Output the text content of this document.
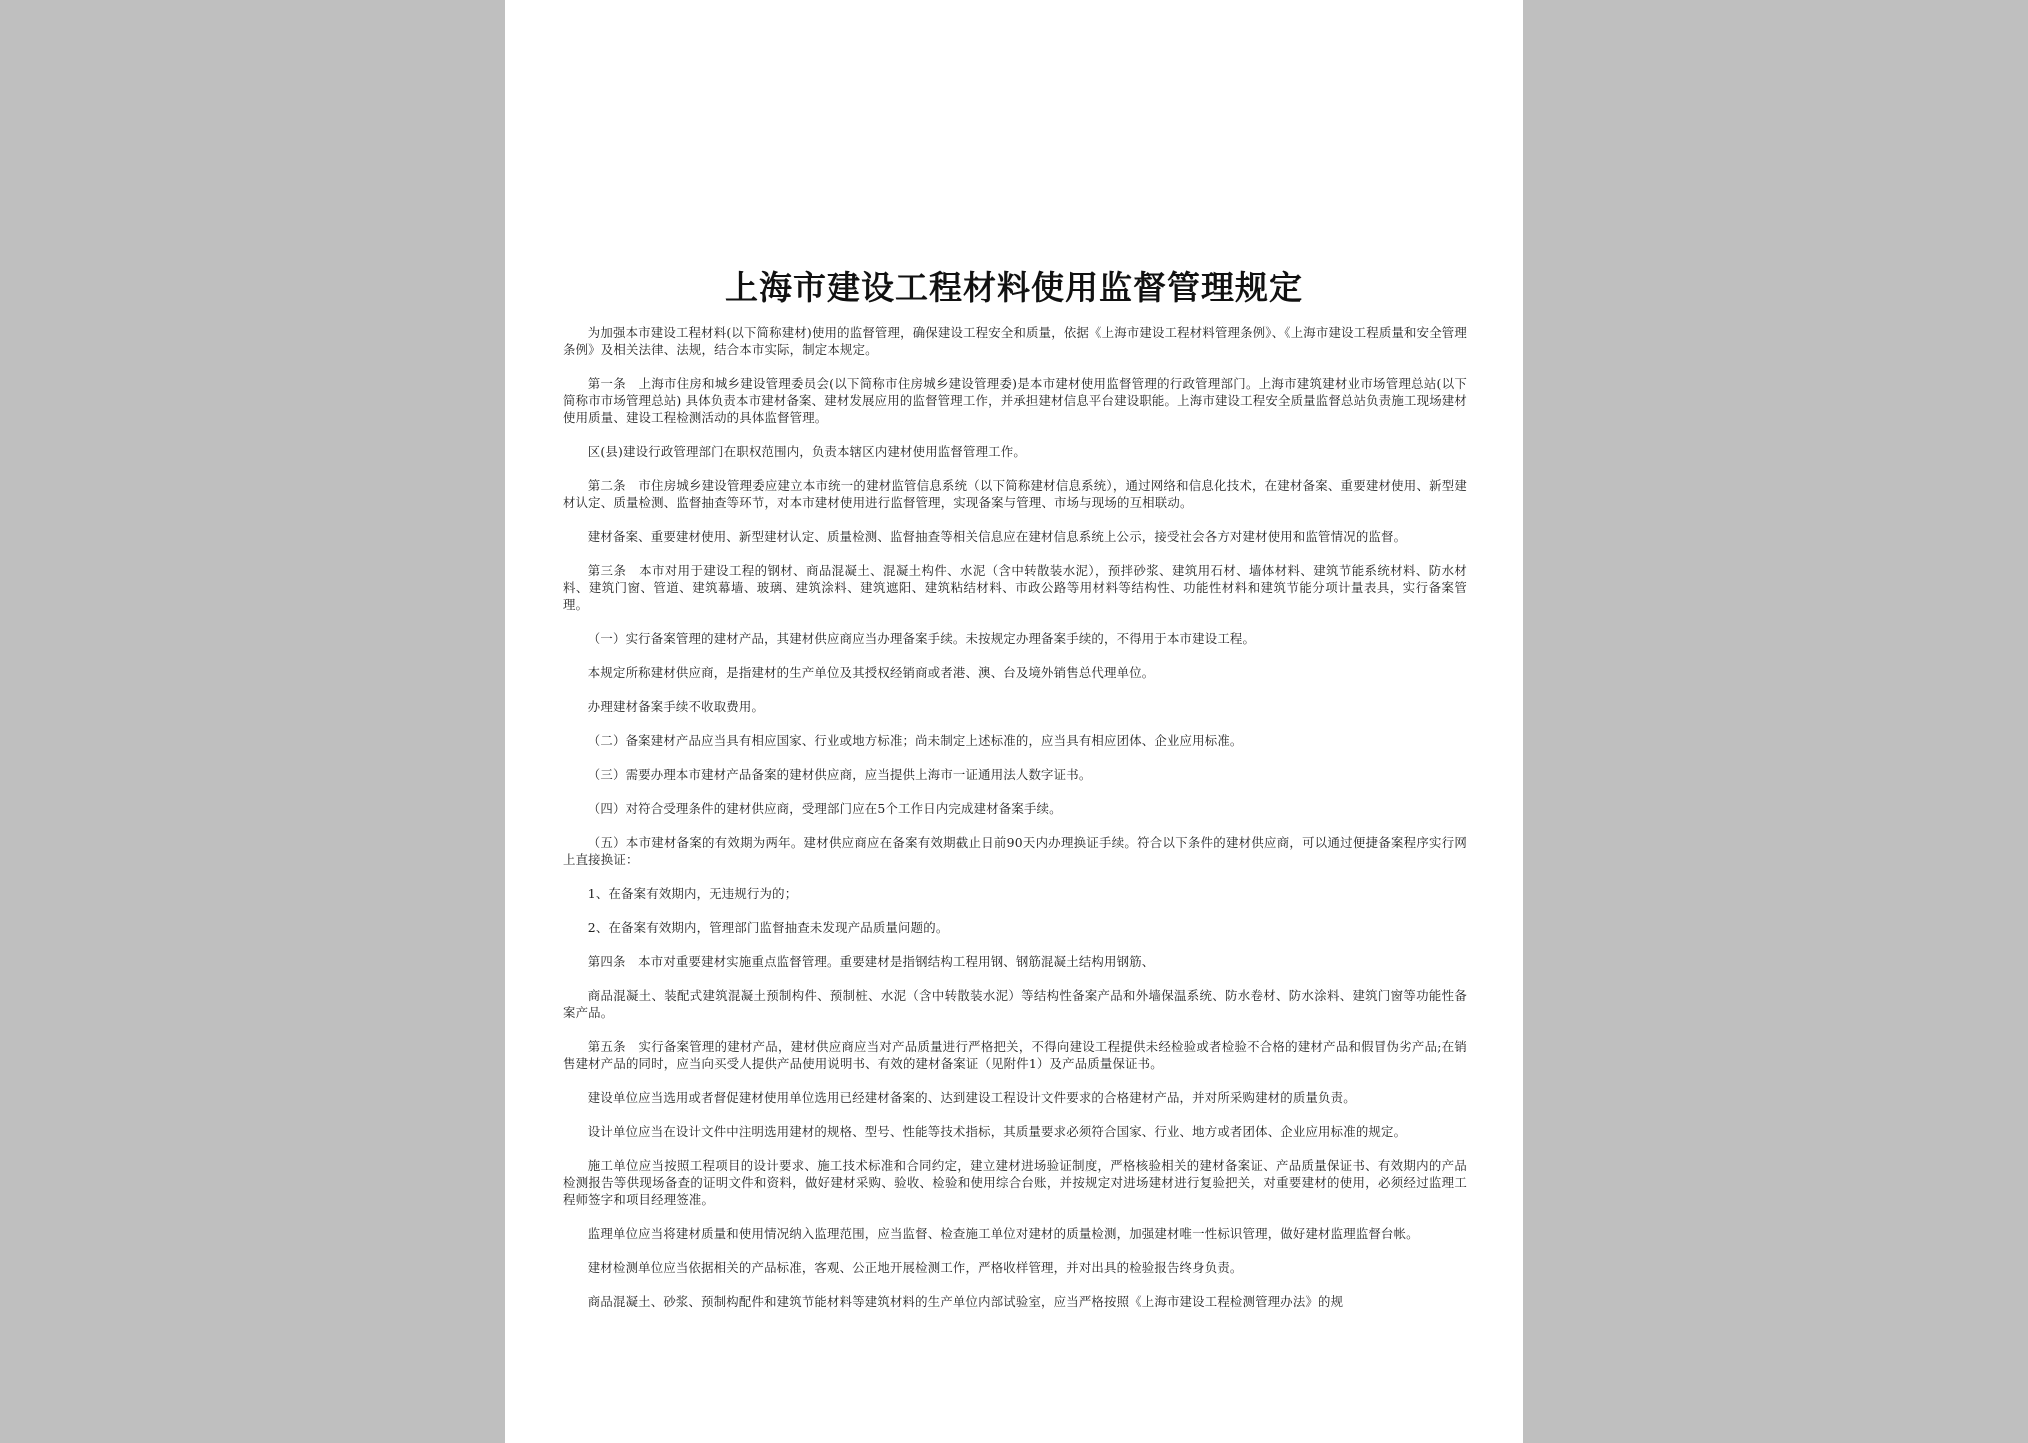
上海市建设工程材料使用监督管理规定

为加强本市建设工程材料(以下简称建材)使用的监督管理，确保建设工程安全和质量，依据《上海市建设工程材料管理条例》、《上海市建设工程质量和安全管理条例》及相关法律、法规，结合本市实际，制定本规定。

第一条　上海市住房和城乡建设管理委员会(以下简称市住房城乡建设管理委)是本市建材使用监督管理的行政管理部门。上海市建筑建材业市场管理总站(以下简称市市场管理总站) 具体负责本市建材备案、建材发展应用的监督管理工作，并承担建材信息平台建设职能。上海市建设工程安全质量监督总站负责施工现场建材使用质量、建设工程检测活动的具体监督管理。

区(县)建设行政管理部门在职权范围内，负责本辖区内建材使用监督管理工作。

第二条　市住房城乡建设管理委应建立本市统一的建材监管信息系统（以下简称建材信息系统），通过网络和信息化技术，在建材备案、重要建材使用、新型建材认定、质量检测、监督抽查等环节，对本市建材使用进行监督管理，实现备案与管理、市场与现场的互相联动。

建材备案、重要建材使用、新型建材认定、质量检测、监督抽查等相关信息应在建材信息系统上公示，接受社会各方对建材使用和监管情况的监督。

第三条　本市对用于建设工程的钢材、商品混凝土、混凝土构件、水泥（含中转散装水泥），预拌砂浆、建筑用石材、墙体材料、建筑节能系统材料、防水材料、建筑门窗、管道、建筑幕墙、玻璃、建筑涂料、建筑遮阳、建筑粘结材料、市政公路等用材料等结构性、功能性材料和建筑节能分项计量表具，实行备案管理。

（一）实行备案管理的建材产品，其建材供应商应当办理备案手续。未按规定办理备案手续的，不得用于本市建设工程。

本规定所称建材供应商，是指建材的生产单位及其授权经销商或者港、澳、台及境外销售总代理单位。

办理建材备案手续不收取费用。

（二）备案建材产品应当具有相应国家、行业或地方标准；尚未制定上述标准的，应当具有相应团体、企业应用标准。

（三）需要办理本市建材产品备案的建材供应商，应当提供上海市一证通用法人数字证书。

（四）对符合受理条件的建材供应商，受理部门应在5个工作日内完成建材备案手续。

（五）本市建材备案的有效期为两年。建材供应商应在备案有效期截止日前90天内办理换证手续。符合以下条件的建材供应商，可以通过便捷备案程序实行网上直接换证：

1、在备案有效期内，无违规行为的；

2、在备案有效期内，管理部门监督抽查未发现产品质量问题的。

第四条　本市对重要建材实施重点监督管理。重要建材是指钢结构工程用钢、钢筋混凝土结构用钢筋、

商品混凝土、装配式建筑混凝土预制构件、预制桩、水泥（含中转散装水泥）等结构性备案产品和外墙保温系统、防水卷材、防水涂料、建筑门窗等功能性备案产品。

第五条　实行备案管理的建材产品，建材供应商应当对产品质量进行严格把关，不得向建设工程提供未经检验或者检验不合格的建材产品和假冒伪劣产品;在销售建材产品的同时，应当向买受人提供产品使用说明书、有效的建材备案证（见附件1）及产品质量保证书。

建设单位应当选用或者督促建材使用单位选用已经建材备案的、达到建设工程设计文件要求的合格建材产品，并对所采购建材的质量负责。

设计单位应当在设计文件中注明选用建材的规格、型号、性能等技术指标，其质量要求必须符合国家、行业、地方或者团体、企业应用标准的规定。

施工单位应当按照工程项目的设计要求、施工技术标准和合同约定，建立建材进场验证制度，严格核验相关的建材备案证、产品质量保证书、有效期内的产品检测报告等供现场备查的证明文件和资料，做好建材采购、验收、检验和使用综合台账，并按规定对进场建材进行复验把关，对重要建材的使用，必须经过监理工程师签字和项目经理签准。

监理单位应当将建材质量和使用情况纳入监理范围，应当监督、检查施工单位对建材的质量检测，加强建材唯一性标识管理，做好建材监理监督台帐。

建材检测单位应当依据相关的产品标准，客观、公正地开展检测工作，严格收样管理，并对出具的检验报告终身负责。

商品混凝土、砂浆、预制构配件和建筑节能材料等建筑材料的生产单位内部试验室，应当严格按照《上海市建设工程检测管理办法》的规
